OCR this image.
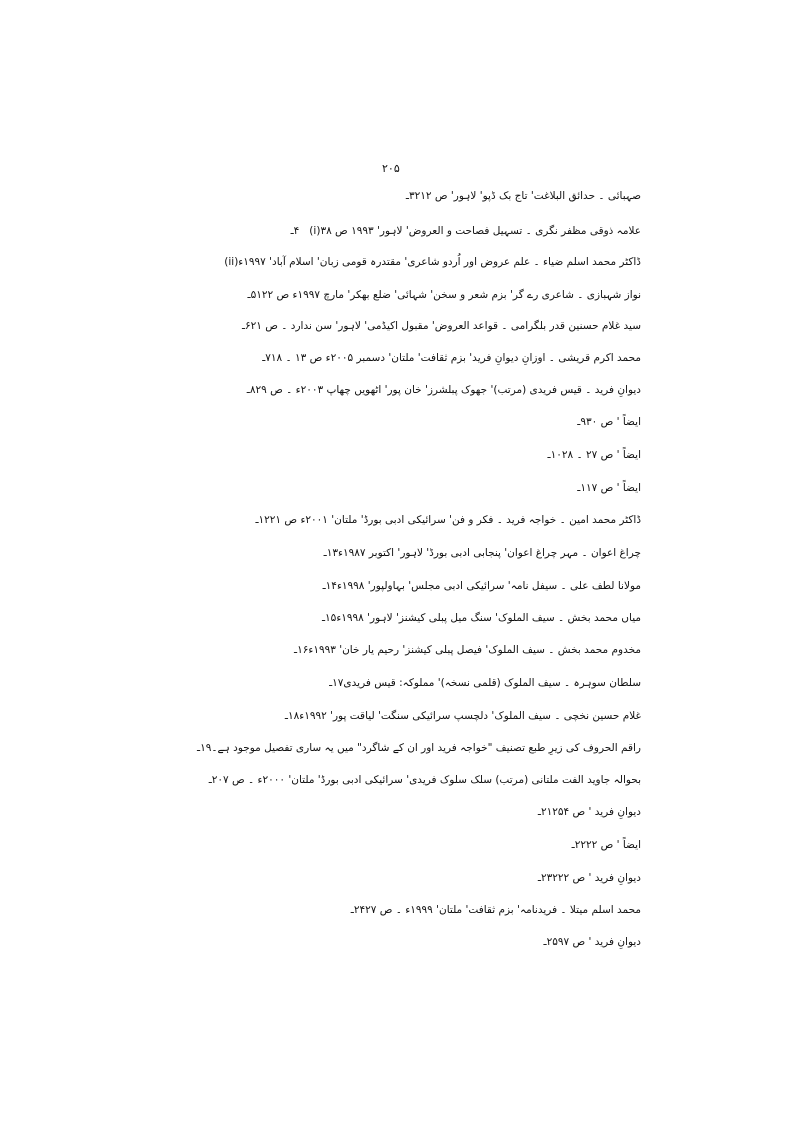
۲۰۵
۳ـ صہبائی ۔ حدائق البلاغت' تاج بک ڈپو' لاہور' ص ۲۱۲
۴ـ (i) علامہ ذوقی مظفر نگری ۔ تسہیل فصاحت و العروض' لاہور' ۱۹۹۳ ص ۳۸
(ii) ڈاکٹر محمد اسلم ضیاء ۔ علم عروض اور اُردو شاعری' مقتدرہ قومی زبان' اسلام آباد' ۱۹۹۷ء
۵ـ نواز شہبازی ۔ شاعری رے گر' بزم شعر و سخن' شہائی' ضلع بھکر' مارچ ۱۹۹۷ء ص ۱۲۲
۶ـ سید غلام حسنین قدر بلگرامی ۔ قواعد العروض' مقبول اکیڈمی' لاہور' سن ندارد ۔ ص ۲۱
۷ـ محمد اکرم قریشی ۔ اوزانِ دیوانِ فرید' بزم ثقافت' ملتان' دسمبر ۲۰۰۵ء ص ۱۳ ۔ ۱۸
۸ـ دیوانِ فرید ۔ قیس فریدی (مرتب)' جھوک پبلشرز' خان پور' اٹھویں چھاپ ۲۰۰۳ء ۔ ص ۲۹
۹ـ ایضاً ' ص ۳۰
۱۰ـ ایضاً ' ص ۲۷ ۔ ۲۸
۱۱ـ ایضاً ' ص ۷
۱۲ـ ڈاکٹر محمد امین ۔ خواجہ فرید ۔ فکر و فن' سرائیکی ادبی بورڈ' ملتان' ۲۰۰۱ء ص ۲۱
۱۳ـ چراغ اعوان ۔ مہر چراغ اعوان' پنجابی ادبی بورڈ' لاہور' اکتوبر ۱۹۸۷ء
۱۴ـ مولانا لطف علی ۔ سیفل نامہ' سرائیکی ادبی مجلس' بہاولپور' ۱۹۹۸ء
۱۵ـ میاں محمد بخش ۔ سیف الملوک' سنگ میل پبلی کیشنز' لاہور' ۱۹۹۸ء
۱۶ـ مخدوم محمد بخش ۔ سیف الملوک' فیصل پبلی کیشنز' رحیم یار خان' ۱۹۹۳ء
۱۷ـ سلطان سوہرہ ۔ سیف الملوک (قلمی نسخہ)' مملوکہ: قیس فریدی
۱۸ـ غلام حسین نخچی ۔ سیف الملوک' دلچسپ سرائیکی سنگت' لیاقت پور' ۱۹۹۲ء
۱۹ـ راقم الحروف کی زیرِ طبع تصنیف "خواجہ فرید اور ان کے شاگرد" میں یہ ساری تفصیل موجود ہے۔
۲۰ـ بحوالہ جاوید الفت ملتانی (مرتب) سلک سلوک فریدی' سرائیکی ادبی بورڈ' ملتان' ۲۰۰۰ء ۔ ص ۷
۲۱ـ دیوانِ فرید ' ص ۲۵۴
۲۲ـ ایضاً ' ص ۲۲
۲۳ـ دیوانِ فرید ' ص ۲۲۲
۲۴ـ محمد اسلم میتلا ۔ فریدنامہ' بزم ثقافت' ملتان' ۱۹۹۹ء ۔ ص ۲۷
۲۵ـ دیوانِ فرید ' ص ۹۷
